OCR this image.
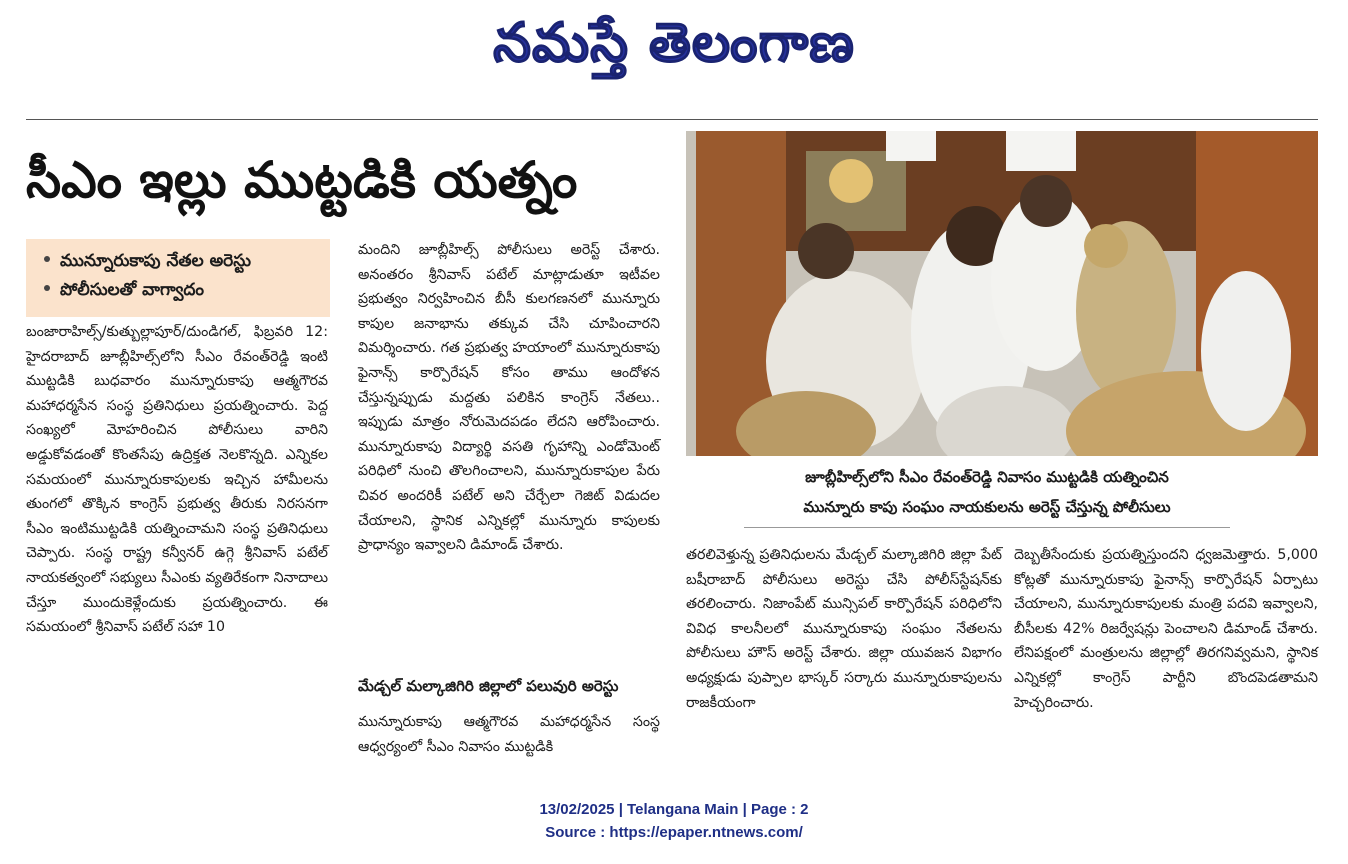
నమస్తే తెలంగాణ
సీఎం ఇల్లు ముట్టడికి యత్నం
మున్నూరుకాపు నేతల అరెస్టు
పోలీసులతో వాగ్వాదం

బంజారాహిల్స్/కుత్బుల్లాపూర్/దుండిగల్, ఫిబ్రవరి 12: హైదరాబాద్ జూబ్లీహిల్స్‌లోని సీఎం రేవంత్‌రెడ్డి ఇంటి ముట్టడికి బుధవారం మున్నూరుకాపు ఆత్మగౌరవ మహాధర్మసేన సంస్థ ప్రతినిధులు ప్రయత్నించారు. పెద్ద సంఖ్యలో మోహరించిన పోలీసులు వారిని అడ్డుకోవడంతో కొంతసేపు ఉద్రిక్తత నెలకొన్నది. ఎన్నికల సమయంలో మున్నూరుకాపులకు ఇచ్చిన హామీలను తుంగలో తొక్కిన కాంగ్రెస్ ప్రభుత్వ తీరుకు నిరసనగా సీఎం ఇంటిముట్టడికి యత్నించామని సంస్థ ప్రతినిధులు చెప్పారు. సంస్థ రాష్ట్ర కన్వీనర్ ఉగ్గె శ్రీనివాస్ పటేల్ నాయకత్వంలో సభ్యులు సీఎంకు వ్యతిరేకంగా నినాదాలు చేస్తూ ముందుకెళ్లేందుకు ప్రయత్నించారు. ఈ సమయంలో శ్రీనివాస్ పటేల్ సహా 10

మందిని జూబ్లీహిల్స్ పోలీసులు అరెస్ట్ చేశారు. అనంతరం శ్రీనివాస్ పటేల్ మాట్లాడుతూ ఇటీవల ప్రభుత్వం నిర్వహించిన బీసీ కులగణనలో మున్నూరు కాపుల జనాభాను తక్కువ చేసి చూపించారని విమర్శించారు. గత ప్రభుత్వ హయాంలో మున్నూరుకాపు ఫైనాన్స్ కార్పొరేషన్ కోసం తాము ఆందోళన చేస్తున్నప్పుడు మద్దతు పలికిన కాంగ్రెస్ నేతలు.. ఇప్పుడు మాత్రం నోరుమెదపడం లేదని ఆరోపించారు. మున్నూరుకాపు విద్యార్థి వసతి గృహాన్ని ఎండోమెంట్ పరిధిలో నుంచి తొలగించాలని, మున్నూరుకాపుల పేరు చివర అందరికీ పటేల్ అని చేర్చేలా గెజిట్ విడుదల చేయాలని, స్థానిక ఎన్నికల్లో మున్నూరు కాపులకు ప్రాధాన్యం ఇవ్వాలని డిమాండ్ చేశారు.

మేడ్చల్ మల్కాజిగిరి జిల్లాలో పలువురి అరెస్టు

మున్నూరుకాపు ఆత్మగౌరవ మహాధర్మసేన సంస్థ ఆధ్వర్యంలో సీఎం నివాసం ముట్టడికి

జూబ్లీహిల్స్‌లోని సీఎం రేవంత్‌రెడ్డి నివాసం ముట్టడికి యత్నించిన
మున్నూరు కాపు సంఘం నాయకులను అరెస్ట్ చేస్తున్న పోలీసులు

తరలివెళ్తున్న ప్రతినిధులను మేడ్చల్ మల్కాజిగిరి జిల్లా పేట్ బషీరాబాద్ పోలీసులు అరెస్టు చేసి పోలీస్‌స్టేషన్‌కు తరలించారు. నిజాంపేట్ మున్సిపల్ కార్పొరేషన్ పరిధిలోని వివిధ కాలనీలలో మున్నూరుకాపు సంఘం నేతలను పోలీసులు హౌస్ అరెస్ట్ చేశారు. జిల్లా యువజన విభాగం అధ్యక్షుడు పుప్పాల భాస్కర్ సర్కారు మున్నూరుకాపులను రాజకీయంగా

దెబ్బతీసేందుకు ప్రయత్నిస్తుందని ధ్వజమెత్తారు. 5,000 కోట్లతో మున్నూరుకాపు ఫైనాన్స్ కార్పొరేషన్ ఏర్పాటు చేయాలని, మున్నూరుకాపులకు మంత్రి పదవి ఇవ్వాలని, బీసీలకు 42% రిజర్వేషన్లు పెంచాలని డిమాండ్ చేశారు. లేనిపక్షంలో మంత్రులను జిల్లాల్లో తిరగనివ్వమని, స్థానిక ఎన్నికల్లో కాంగ్రెస్ పార్టీని బొందపెడతామని హెచ్చరించారు.

13/02/2025 | Telangana Main | Page : 2
Source : https://epaper.ntnews.com/
